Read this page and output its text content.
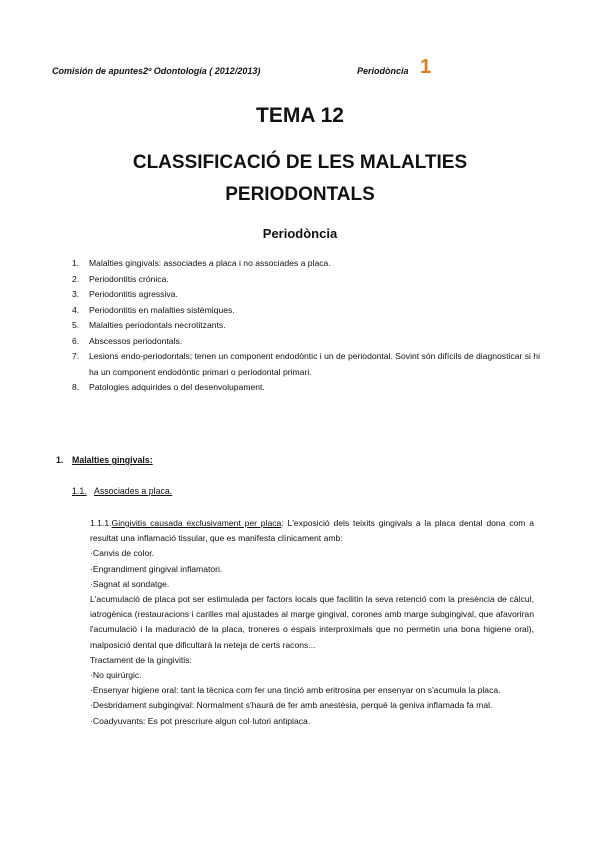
Comisión de apuntes2º Odontología ( 2012/2013)	Periodòncia 1
TEMA 12
CLASSIFICACIÓ DE LES MALALTIES
PERIODONTALS
Periodòncia
1. Malalties gingivals: associades a placa i no associades a placa.
2. Periodontitis crónica.
3. Periodontitis agressiva.
4. Periodontitis en malalties sistèmiques.
5. Malalties periodontals necrotitzants.
6. Abscessos periodontals.
7. Lesions endo-periodontals; tenen un component endodòntic i un de periodontal. Sovint són difícils de diagnosticar si hi ha un component endodòntic primari o periodontal primari.
8. Patologies adquirides o del desenvolupament.
1. Malalties gingivals:
1.1. Associades a placa.

1.1.1.Gingivitis causada exclusivament per placa: L'exposició dels teixits gingivals a la placa dental dona com a resultat una inflamació tissular, que es manifesta clínicament amb:

·Canvis de color.

·Engrandiment gingival inflamatori.

·Sagnat al sondatge.

L'acumulació de placa pot ser estimulada per factors locals que facilitin la seva retenció com la presència de càlcul, iatrogènica (restauracions i carilles mal ajustades al marge gingival, corones amb marge subgingival, que afavoriran l'acumulació i la maduració de la placa, troneres o espais interproximals que no permetin una bona higiene oral), malposició dental que dificultarà la neteja de certs racons...

Tractament de la gingivitis:

·No quirúrgic.

·Ensenyar higiene oral: tant la tècnica com fer una tinció amb eritrosina per ensenyar on s'acumula la placa.

·Desbridament subgingival: Normalment s'haurà de fer amb anestèsia, perquè la geniva inflamada fa mal.

·Coadyuvants: Es pot prescriure algun col·lutori antiplaca.
